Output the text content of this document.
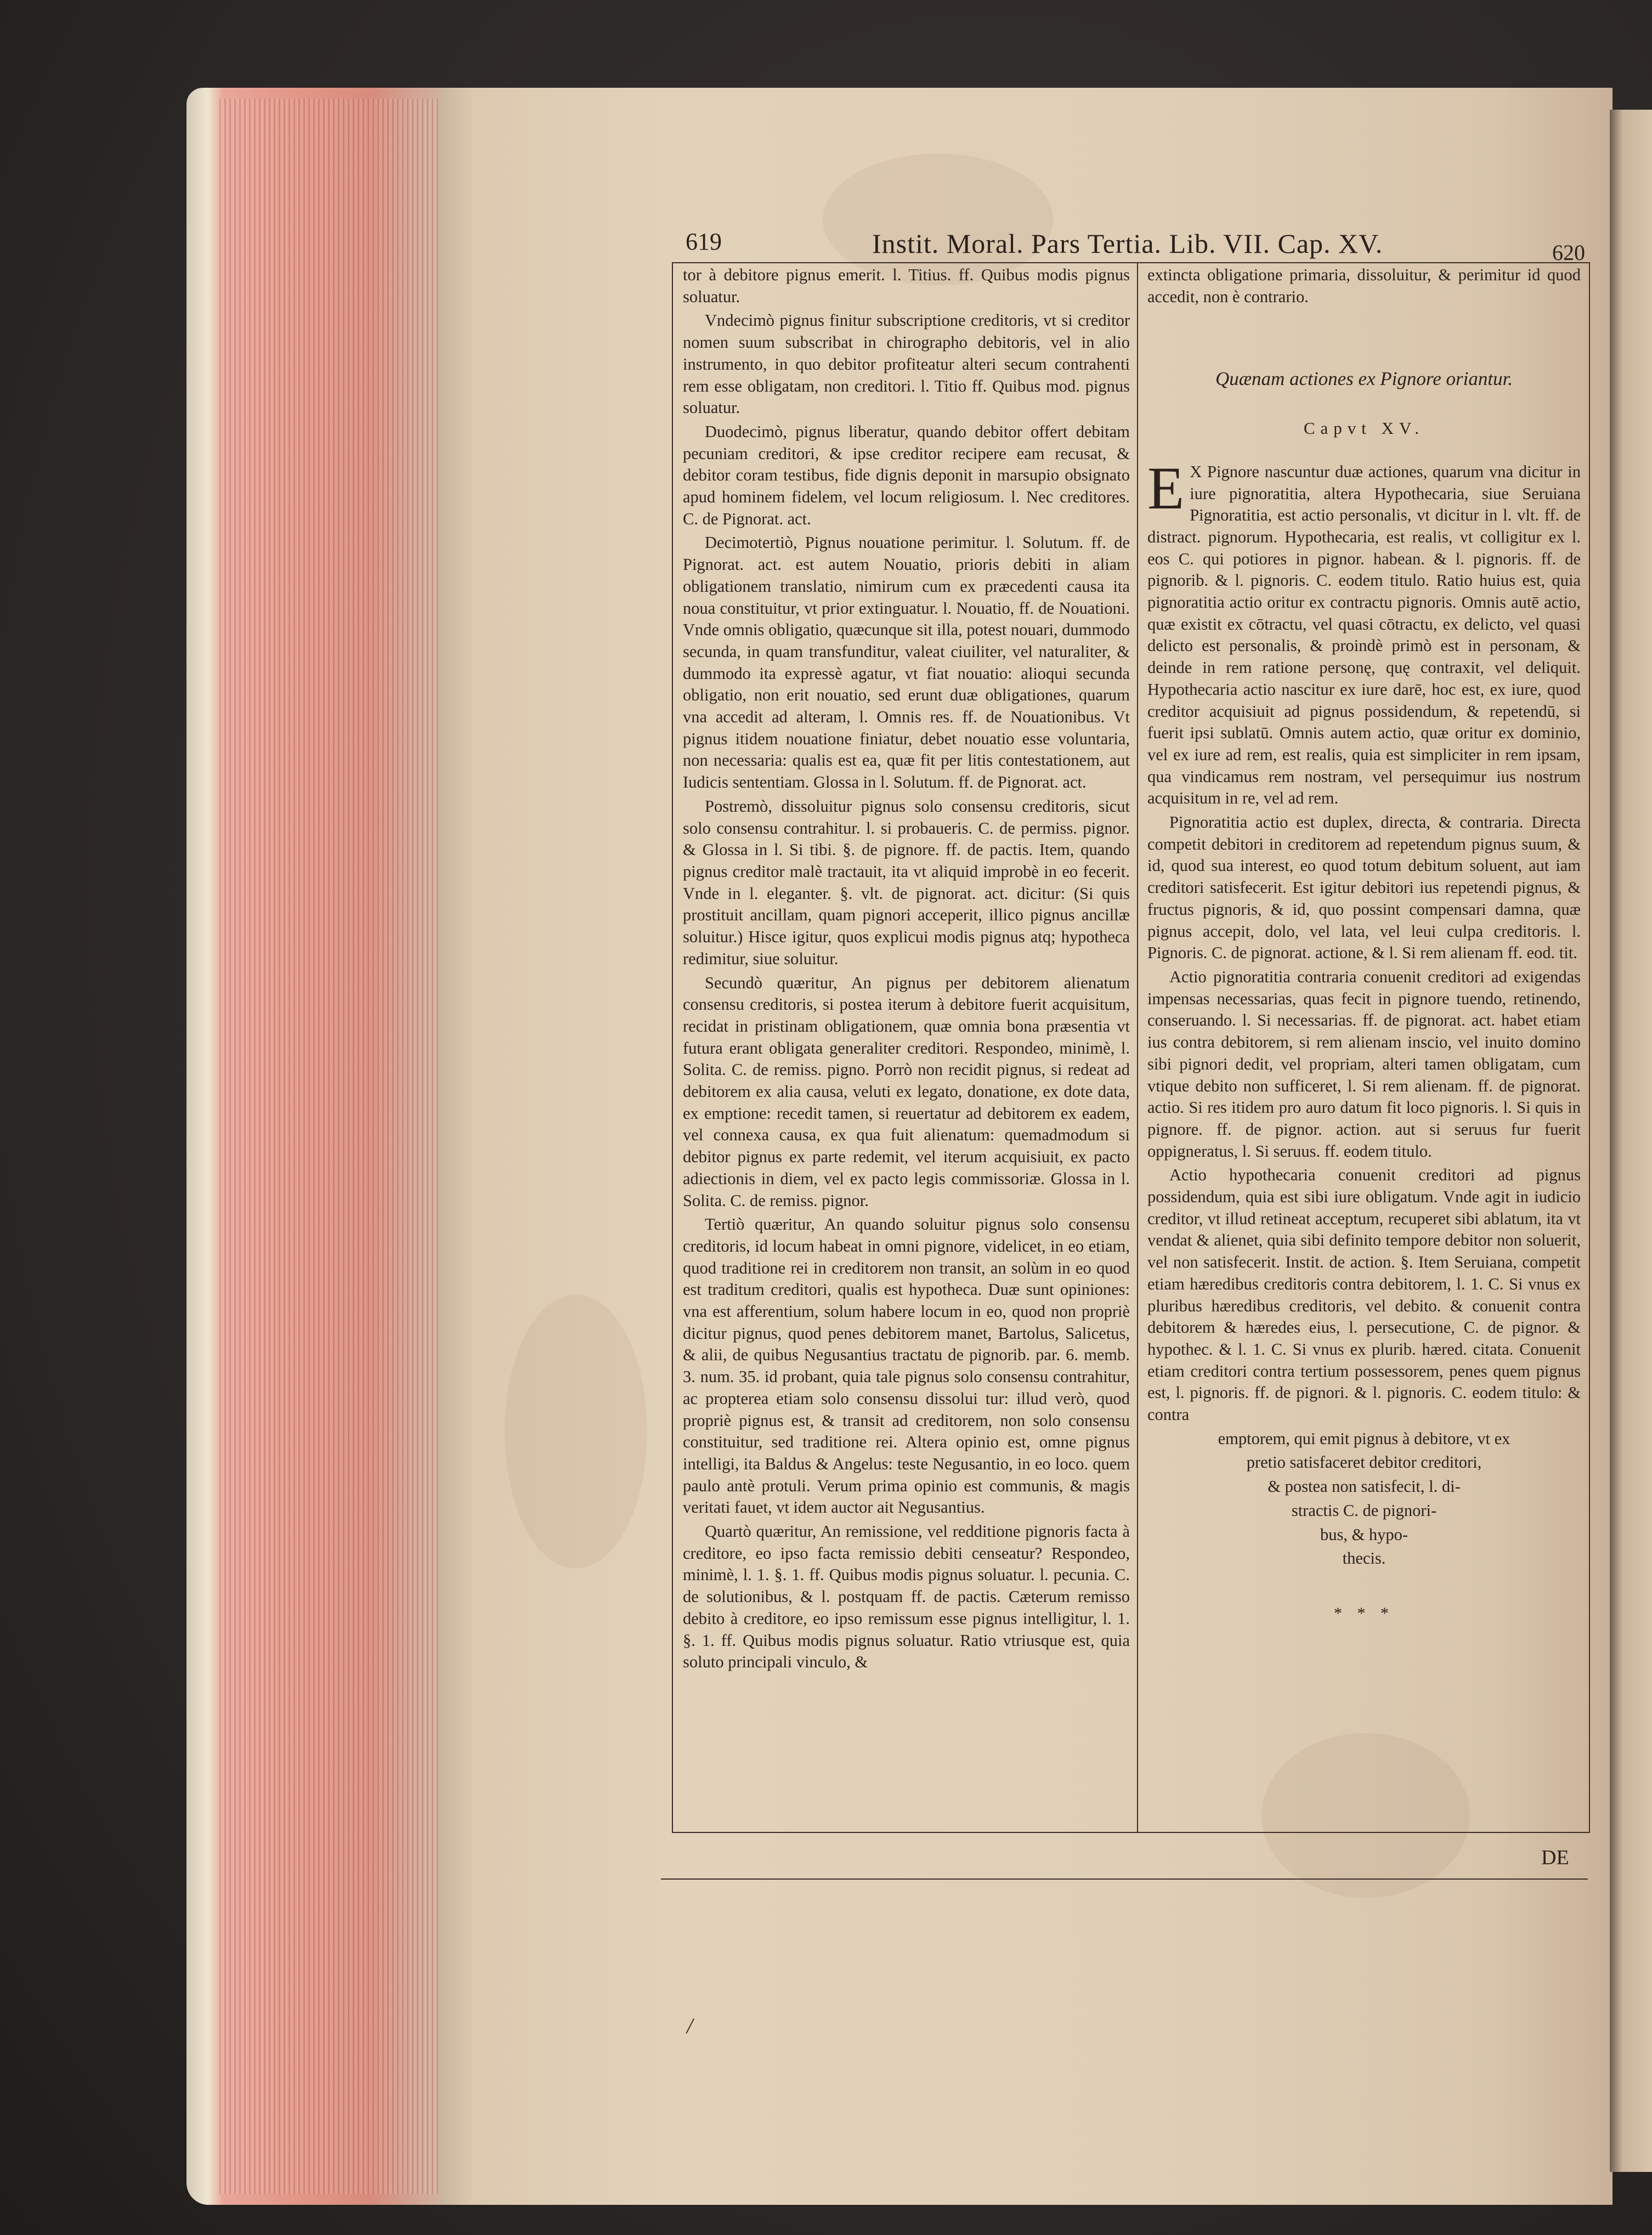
619	Instit. Moral. Pars Tertia. Lib. VII. Cap. XV.	620

tor à debitore pignus emerit. l. Titius. ff. Quibus modis pignus soluatur.

Vndecimò pignus finitur subscriptione creditoris, vt si creditor nomen suum subscribat in chirographo debitoris, vel in alio instrumento, in quo debitor profiteatur alteri secum contrahenti rem esse obligatam, non creditori. l. Titio ff. Quibus mod. pignus soluatur.

Duodecimò, pignus liberatur, quando debitor offert debitam pecuniam creditori, & ipse creditor recipere eam recusat, & debitor coram testibus, fide dignis deponit in marsupio obsignato apud hominem fidelem, vel locum religiosum. l. Nec creditores. C. de Pignorat. act.

Decimotertiò, Pignus nouatione perimitur. l. Solutum. ff. de Pignorat. act. est autem Nouatio, prioris debiti in aliam obligationem translatio, nimirum cum ex præcedenti causa ita noua constituitur, vt prior extinguatur. l. Nouatio, ff. de Nouationi. Vnde omnis obligatio, quæcunque sit illa, potest nouari, dummodo secunda, in quam transfunditur, valeat ciuiliter, vel naturaliter, & dummodo ita expressè agatur, vt fiat nouatio: alioqui secunda obligatio, non erit nouatio, sed erunt duæ obligationes, quarum vna accedit ad alteram, l. Omnis res. ff. de Nouationibus. Vt pignus itidem nouatione finiatur, debet nouatio esse voluntaria, non necessaria: qualis est ea, quæ fit per litis contestationem, aut Iudicis sententiam. Glossa in l. Solutum. ff. de Pignorat. act.

Postremò, dissoluitur pignus solo consensu creditoris, sicut solo consensu contrahitur. l. si probaueris. C. de permiss. pignor. & Glossa in l. Si tibi. §. de pignore. ff. de pactis. Item, quando pignus creditor malè tractauit, ita vt aliquid improbè in eo fecerit. Vnde in l. eleganter. §. vlt. de pignorat. act. dicitur: (Si quis prostituit ancillam, quam pignori acceperit, illico pignus ancillæ soluitur.) Hisce igitur, quos explicui modis pignus atq; hypotheca redimitur, siue soluitur.

Secundò quæritur, An pignus per debitorem alienatum consensu creditoris, si postea iterum à debitore fuerit acquisitum, recidat in pristinam obligationem, quæ omnia bona præsentia vt futura erant obligata generaliter creditori. Respondeo, minimè, l. Solita. C. de remiss. pigno. Porrò non recidit pignus, si redeat ad debitorem ex alia causa, veluti ex legato, donatione, ex dote data, ex emptione: recedit tamen, si reuertatur ad debitorem ex eadem, vel connexa causa, ex qua fuit alienatum: quemadmodum si debitor pignus ex parte redemit, vel iterum acquisiuit, ex pacto adiectionis in diem, vel ex pacto legis commissoriæ. Glossa in l. Solita. C. de remiss. pignor.

Tertiò quæritur, An quando soluitur pignus solo consensu creditoris, id locum habeat in omni pignore, videlicet, in eo etiam, quod traditione rei in creditorem non transit, an solùm in eo quod est traditum creditori, qualis est hypotheca. Duæ sunt opiniones: vna est afferentium, solum habere locum in eo, quod non propriè dicitur pignus, quod penes debitorem manet, Bartolus, Salicetus, & alii, de quibus Negusantius tractatu de pignorib. par. 6. memb. 3. num. 35. id probant, quia tale pignus solo consensu contrahitur, ac propterea etiam solo consensu dissolui tur: illud verò, quod propriè pignus est, & transit ad creditorem, non solo consensu constituitur, sed traditione rei. Altera opinio est, omne pignus intelligi, ita Baldus & Angelus: teste Negusantio, in eo loco. quem paulo antè protuli. Verum prima opinio est communis, & magis veritati fauet, vt idem auctor ait Negusantius.

Quartò quæritur, An remissione, vel redditione pignoris facta à creditore, eo ipso facta remissio debiti censeatur? Respondeo, minimè, l. 1. §. 1. ff. Quibus modis pignus soluatur. l. pecunia. C. de solutionibus, & l. postquam ff. de pactis. Cæterum remisso debito à creditore, eo ipso remissum esse pignus intelligitur, l. 1. §. 1. ff. Quibus modis pignus soluatur. Ratio vtriusque est, quia soluto principali vinculo, &

extincta obligatione primaria, dissoluitur, & perimitur id quod accedit, non è contrario.

Quænam actiones ex Pignore oriantur.
Capvt XV.

E X Pignore nascuntur duæ actiones, quarum vna dicitur in iure pignoratitia, altera Hypothecaria, siue Seruiana Pignoratitia, est actio personalis, vt dicitur in l. vlt. ff. de distract. pignorum. Hypothecaria, est realis, vt colligitur ex l. eos C. qui potiores in pignor. habean. & l. pignoris. ff. de pignorib. & l. pignoris. C. eodem titulo. Ratio huius est, quia pignoratitia actio oritur ex contractu pignoris. Omnis autē actio, quæ existit ex cōtractu, vel quasi cōtractu, ex delicto, vel quasi delicto est personalis, & proindè primò est in personam, & deinde in rem ratione personę, quę contraxit, vel deliquit. Hypothecaria actio nascitur ex iure darē, hoc est, ex iure, quod creditor acquisiuit ad pignus possidendum, & repetendū, si fuerit ipsi sublatū. Omnis autem actio, quæ oritur ex dominio, vel ex iure ad rem, est realis, quia est simpliciter in rem ipsam, qua vindicamus rem nostram, vel persequimur ius nostrum acquisitum in re, vel ad rem.

Pignoratitia actio est duplex, directa, & contraria. Directa competit debitori in creditorem ad repetendum pignus suum, & id, quod sua interest, eo quod totum debitum soluent, aut iam creditori satisfecerit. Est igitur debitori ius repetendi pignus, & fructus pignoris, & id, quo possint compensari damna, quæ pignus accepit, dolo, vel lata, vel leui culpa creditoris. l. Pignoris. C. de pignorat. actione, & l. Si rem alienam ff. eod. tit.

Actio pignoratitia contraria conuenit creditori ad exigendas impensas necessarias, quas fecit in pignore tuendo, retinendo, conseruando. l. Si necessarias. ff. de pignorat. act. habet etiam ius contra debitorem, si rem alienam inscio, vel inuito domino sibi pignori dedit, vel propriam, alteri tamen obligatam, cum vtique debito non sufficeret, l. Si rem alienam. ff. de pignorat. actio. Si res itidem pro auro datum fit loco pignoris. l. Si quis in pignore. ff. de pignor. action. aut si seruus fur fuerit oppigneratus, l. Si seruus. ff. eodem titulo.

Actio hypothecaria conuenit creditori ad pignus possidendum, quia est sibi iure obligatum. Vnde agit in iudicio creditor, vt illud retineat acceptum, recuperet sibi ablatum, ita vt vendat & alienet, quia sibi definito tempore debitor non soluerit, vel non satisfecerit. Instit. de action. §. Item Seruiana, competit etiam hæredibus creditoris contra debitorem, l. 1. C. Si vnus ex pluribus hæredibus creditoris, vel debito. & conuenit contra debitorem & hæredes eius, l. persecutione, C. de pignor. & hypothec. & l. 1. C. Si vnus ex plurib. hæred. citata. Conuenit etiam creditori contra tertium possessorem, penes quem pignus est, l. pignoris. ff. de pignori. & l. pignoris. C. eodem titulo: & contra

emptorem, qui emit pignus à debitore, vt ex

pretio satisfaceret debitor creditori,

& postea non satisfecit, l. di-

stractis C. de pignori-

bus, & hypo-

thecis.

* * *
DE
/
